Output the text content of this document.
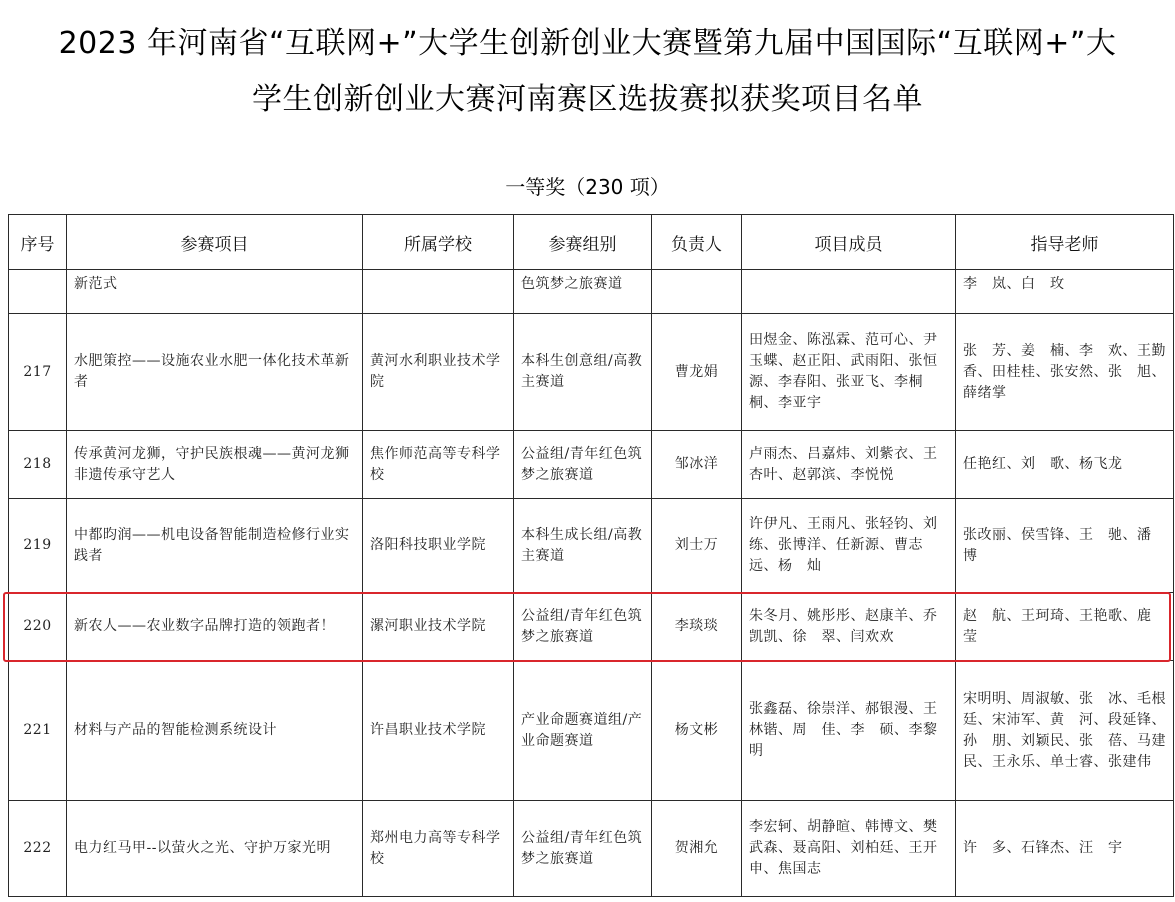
2023 年河南省“互联网+”大学生创新创业大赛暨第九届中国国际“互联网+”大
学生创新创业大赛河南赛区选拔赛拟获奖项目名单
一等奖（230 项）
序号	参赛项目	所属学校	参赛组别	负责人	项目成员	指导老师
	新范式		色筑梦之旅赛道			李　岚、白　玫
217	水肥策控——设施农业水肥一体化技术革新者	黄河水利职业技术学院	本科生创意组/高教主赛道	曹龙娟	田煜金、陈泓霖、范可心、尹玉蝶、赵正阳、武雨阳、张恒源、李春阳、张亚飞、李桐桐、李亚宇	张　芳、姜　楠、李　欢、王勤香、田桂桂、张安然、张　旭、薛绪掌
218	传承黄河龙狮，守护民族根魂——黄河龙狮非遗传承守艺人	焦作师范高等专科学校	公益组/青年红色筑梦之旅赛道	邹冰洋	卢雨杰、吕嘉炜、刘紫衣、王杏叶、赵郭滨、李悦悦	任艳红、刘　歌、杨飞龙
219	中都昀润——机电设备智能制造检修行业实践者	洛阳科技职业学院	本科生成长组/高教主赛道	刘士万	许伊凡、王雨凡、张轻钧、刘　练、张博洋、任新源、曹志远、杨　灿	张改丽、侯雪锋、王　驰、潘　博
220	新农人——农业数字品牌打造的领跑者！	漯河职业技术学院	公益组/青年红色筑梦之旅赛道	李琰琰	朱冬月、姚彤彤、赵康羊、乔凯凯、徐　翠、闫欢欢	赵　航、王珂琦、王艳歌、鹿　莹
221	材料与产品的智能检测系统设计	许昌职业技术学院	产业命题赛道组/产业命题赛道	杨文彬	张鑫磊、徐崇洋、郝银漫、王林锴、周　佳、李　硕、李黎明	宋明明、周淑敏、张　冰、毛根廷、宋沛军、黄　河、段延锋、孙　朋、刘颖民、张　蓓、马建民、王永乐、单士睿、张建伟
222	电力红马甲--以萤火之光、守护万家光明	郑州电力高等专科学校	公益组/青年红色筑梦之旅赛道	贺湘允	李宏轲、胡静暄、韩博文、樊武森、聂高阳、刘柏廷、王开申、焦国志	许　多、石锋杰、汪　宇
